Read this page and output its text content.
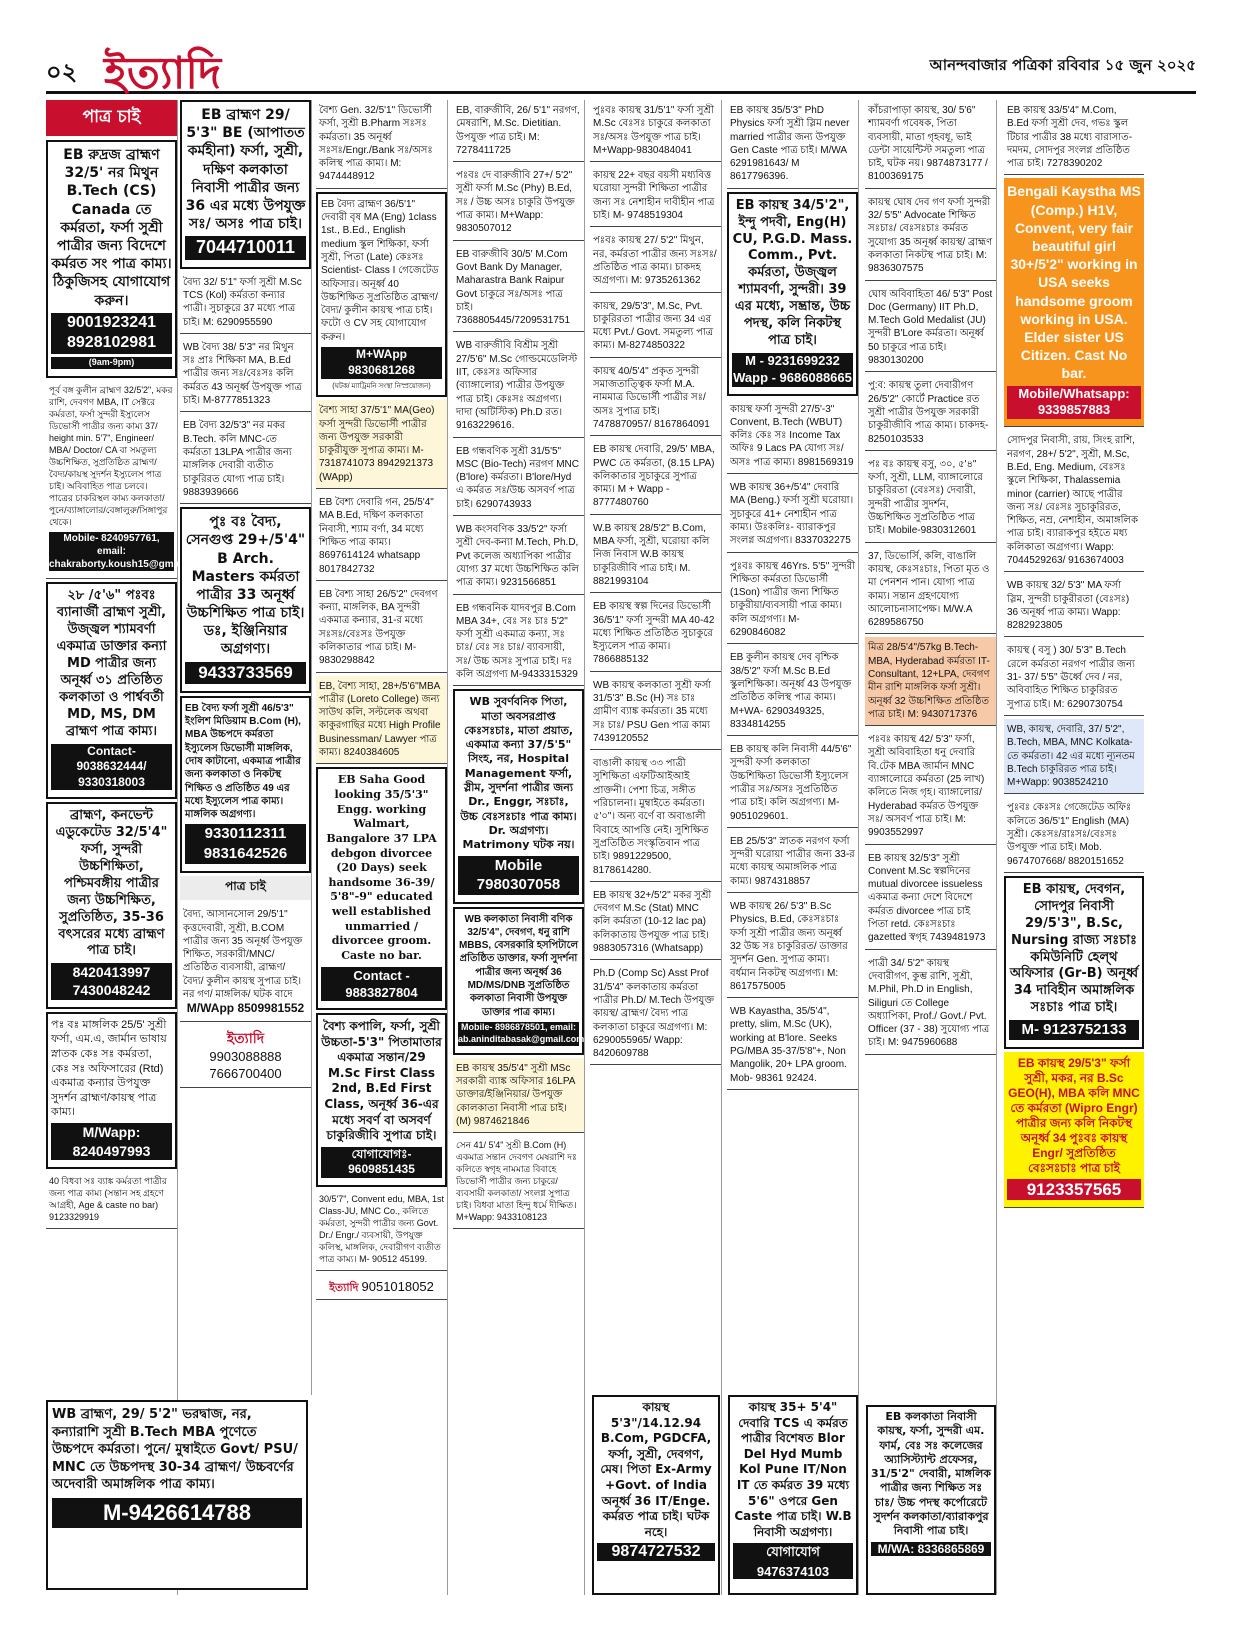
০২ ইত্যাদি	আনন্দবাজার পত্রিকা রবিবার ১৫ জুন ২০২৫
পাত্র চাই
EB রুদ্রজ ব্রাহ্মণ 32/5' নর মিথুন B.Tech (CS) Canada তে কর্মরতা, ফর্সা সুশ্রী পাত্রীর জন্য বিদেশে কর্মরত সং পাত্র কাম্য। ঠিকুজিসহ যোগাযোগ করুন।
9001923241 8928102981
(9am-9pm)
পূর্ব বঙ্গ কুলীন ব্রাহ্মণ 32/5'2", মকর রাশি, দেবগণ MBA, IT সেক্টরে কর্মরতা, ফর্সা সুন্দরী ইস্যুলেস ডিভোর্সী পাত্রীর জন্য কাম্য 37/ height min. 5'7", Engineer/ MBA/ Doctor/ CA বা সমতুল্য উচ্চশিক্ষিত, সুপ্রতিষ্ঠিত ব্রাহ্মণ/বৈদ্য/কায়স্থ সুদর্শন ইস্যুলেস পাত্র চাই। অবিবাহিত পাত্র চলবে। পাত্রের চাকরিস্থল কাম্য কলকাতা/পুনে/ব্যাঙ্গালোর/বেঙ্গালুরু/সিঙ্গাপুর থেকে।
Mobile- 8240957761, email: chakraborty.koush15@gmail.com
২৮ /৫'৬" পঃবঃ ব্যানার্জী ব্রাহ্মণ সুশ্রী, উজ্জ্বল শ্যামবর্ণা একমাত্র ডাক্তার কন্যা MD পাত্রীর জন্য অনূর্ধ্ব ৩১ প্রতিষ্ঠিত কলকাতা ও পার্শ্ববর্তী MD, MS, DM ব্রাহ্মণ পাত্র কাম্য।
Contact- 9038632444/ 9330318003
ব্রাহ্মণ, কনভেন্ট এডুকেটেড 32/5'4" ফর্সা, সুন্দরী উচ্চশিক্ষিতা, পশ্চিমবঙ্গীয় পাত্রীর জন্য উচ্চশিক্ষিত, সুপ্রতিষ্ঠিত, 35-36 বৎসরের মধ্যে ব্রাহ্মণ পাত্র চাই।
8420413997 7430048242
পঃ বঃ মাঙ্গলিক 25/5' সুশ্রী ফর্সা, এম.এ, জার্মান ভাষায় স্নাতক কেঃ সঃ কর্মরতা, কেঃ সঃ অফিসারের (Rtd) একমাত্র কন্যার উপযুক্ত সুদর্শন ব্রাহ্মণ/কায়স্থ পাত্র কাম্য।
M/Wapp: 8240497993
40 বিধবা সঃ ব্যাঙ্ক কর্মরতা পাত্রীর জন্য পাত্র কাম্য (সন্তান সহ গ্রহণে আগ্রহী, Age & caste no bar) 9123329919
WB ব্রাহ্মণ, 29/ 5'2" ভরদ্বাজ, নর, কন্যারাশি সুশ্রী B.Tech MBA পুণেতে উচ্চপদে কর্মরতা। পুনে/ মুম্বাইতে Govt/ PSU/ MNC তে উচ্চপদস্থ 30-34 ব্রাহ্মণ/ উচ্চবর্ণের অদেবারী অমাঙ্গলিক পাত্র কাম্য।
M-9426614788
EB ব্রাহ্মণ 29/ 5'3" BE (আপাতত কর্মহীনা) ফর্সা, সুশ্রী, দক্ষিণ কলকাতা নিবাসী পাত্রীর জন্য 36 এর মধ্যে উপযুক্ত সঃ/ অসঃ পাত্র চাই।
7044710011
বৈদ্য 32/ 5'1" ফর্সা সুশ্রী M.Sc TCS (Kol) কর্মরতা কন্যার পাত্রী। সুচাকুরে 37 মধ্যে পাত্র চাই। M: 6290955590
WB বৈদ্য 38/ 5'3" নর মিথুন সঃ প্রাঃ শিক্ষিকা MA, B.Ed পাত্রীর জন্য সঃ/বেঃসঃ কলি কর্মরত 43 অনূর্ধ্ব উপযুক্ত পাত্র চাই। M-8777851323
EB বৈদ্য 32/5'3" নর মকর B.Tech. কলি MNC-তে কর্মরতা 13LPA পাত্রীর জন্য মাঙ্গলিক দেবারী ব্যতীত চাকুরিরত যোগ্য পাত্র চাই। 9883939666
পুঃ বঃ বৈদ্য, সেনগুপ্ত 29+/5'4" B Arch. Masters কর্মরতা পাত্রীর 33 অনূর্ধ্ব উচ্চশিক্ষিত পাত্র চাই। ডঃ, ইঞ্জিনিয়ার অগ্রগণ্য।
9433733569
EB বৈদ্য ফর্সা সুশ্রী 46/5'3" ইংলিশ মিডিয়াম B.Com (H), MBA উচ্চপদে কর্মরতা ইস্যুলেস ডিভোর্সী মাঙ্গলিক, দোষ কাটানো, একমাত্র পাত্রীর জন্য কলকাতা ও নিকটস্থ শিক্ষিত ও প্রতিষ্ঠিত 49 এর মধ্যে ইস্যুলেস পাত্র কাম্য। মাঙ্গলিক অগ্রগণ্য।
9330112311 9831642526
পাত্র চাই
বৈদ্য, আসানসোল 29/5'1" কৃত্তদেবারী, সুশ্রী, B.COM পাত্রীর জন্য 35 অনূর্ধ্ব উপযুক্ত শিক্ষিত, সরকারী/MNC/ প্রতিষ্ঠিত ব্যবসায়ী, ব্রাহ্মণ/ বৈদ্য/ কুলীন কায়স্থ সুপাত্র চাই। নর গণ/ মাঙ্গলিক/ ঘটক বাদে
M/WApp 8509981552
ইত্যাদি
9903088888
7666700400
বৈশ্য Gen. 32/5'1" ডিভোর্সী ফর্সা, সুশ্রী B.Pharm সঃসঃ কর্মরতা। 35 অনূর্ধ্ব সঃসঃ/Engr./Bank সঃ/অসঃ কলিস্থ পাত্র কাম্য। M: 9474448912
EB বৈদ্য ব্রাহ্মণ 36/5'1" দেবারী বৃষ MA (Eng) 1class 1st., B.Ed., English medium স্কুল শিক্ষিকা, ফর্সা সুশ্রী, পিতা (Late) কেঃসঃ Scientist- Class I গেজেটেড অফিসার। অনূর্ধ্ব 40 উচ্চশিক্ষিত সুপ্রতিষ্ঠিত ব্রাহ্মণ/ বৈদ্য/ কুলীন কায়স্থ পাত্র চাই। ফটো ও CV সহ যোগাযোগ করুন।
M+WApp 9830681268
(ঘটক/ ম্যাট্রিমনি সংস্থা নিস্প্রয়োজন)
বৈশ্য সাহা 37/5'1" MA(Geo) ফর্সা সুন্দরী ডিভোর্সী পাত্রীর জন্য উপযুক্ত সরকারী চাকুরীযুক্ত সুপাত্র কাম্য। M-7318741073 8942921373 (WApp)
EB বৈশ্য দেবারি গন, 25/5'4" MA B.Ed, দক্ষিণ কলকাতা নিবাসী, শ্যাম বর্ণা, 34 মধ্যে শিক্ষিত পাত্র কাম্য। 8697614124 whatsapp 8017842732
EB বৈশ্য সাহা 26/5'2" দেবগণ কন্যা, মাঙ্গলিক, BA সুন্দরী একমাত্র কন্যার, 31-র মধ্যে সঃসঃ/বেঃসঃ উপযুক্ত কলিকাতার পাত্র চাই। M- 9830298842
EB, বৈশ্য সাহা, 28+/5'6"MBA পাত্রীর (Loreto College) জন্য সাউথ কলি, সল্টলেক অথবা কাকুরগাছির মধ্যে High Profile Businessman/ Lawyer পাত্র কাম্য। 8240384605
EB Saha Good looking 35/5'3" Engg. working Walmart, Bangalore 37 LPA debgon divorcee (20 Days) seek handsome 36-39/ 5'8"-9" educated well established unmarried / divorcee groom. Caste no bar.
Contact - 9883827804
বৈশ্য কপালি, ফর্সা, সুশ্রী উচ্চতা-5'3" পিতামাতার একমাত্র সন্তান/29 M.Sc First Class 2nd, B.Ed First Class, অনূর্ধ্ব 36-এর মধ্যে সবর্ণ বা অসবর্ণ চাকুরিজীবি সুপাত্র চাই।
যোগাযোগঃ- 9609851435
30/5'7", Convent edu, MBA, 1st Class-JU, MNC Co., কলিতে কর্মরতা, সুন্দরী পাত্রীর জন্য Govt. Dr./ Engr./ ব্যবসায়ী, উপযুক্ত কলিস্থ, মাঙ্গলিক, দেবারীগণ ব্যতীত পাত্র কাম্য। M- 90512 45199.
ইত্যাদি 9051018052
EB, বারুজীবি, 26/ 5'1" নরগণ, মেষরাশি, M.Sc. Dietitian. উপযুক্ত পাত্র চাই। M: 7278411725
পঃবঃ দে বারুজীবি 27+/ 5'2" সুশ্রী ফর্সা M.Sc (Phy) B.Ed, সঃ / উচ্চ অসঃ চাকুরি উপযুক্ত পাত্র কাম্য। M+Wapp: 9830507012
EB বারুজীবি 30/5' M.Com Govt Bank Dy Manager, Maharastra Bank Raipur Govt চাকুরে সঃ/অসঃ পাত্র চাই। 7368805445/7209531751
WB বারুজীবি বিশ্রীম সুশ্রী 27/5'6" M.Sc গোল্ডমেডেলিস্ট IIT, কেঃসঃ অফিসার (ব্যাঙ্গালোর) পাত্রীর উপযুক্ত পাত্র চাই। কেঃসঃ অগ্রগণ্য। দাদা (অটিস্টিক) Ph.D রত। 9163229616.
EB গন্ধবণিক সুশ্রী 31/5'5" MSC (Bio-Tech) নরগণ MNC (B'lore) কর্মরতা। B'lore/Hyd এ কর্মরত সঃ/উচ্চ অসবর্ণ পাত্র চাই। 6290743933
WB কংসবণিক 33/5'2" ফর্সা সুশ্রী দেব-কন্যা M.Tech, Ph.D, Pvt কলেজ অধ্যাপিকা পাত্রীর যোগ্য 37 মধ্যে উচ্চশিক্ষিত কলি পাত্র কাম্য। 9231566851
EB গন্ধবনিক যাদবপুর B.Com MBA 34+, বেঃ সঃ চাঃ 5'2" ফর্সা সুশ্রী একমাত্র কন্যা, সঃ চাঃ/ বেঃ সঃ চাঃ/ ব্যাবসায়ী, সঃ/ উচ্চ অসঃ সুপাত্র চাই। দঃ কলি অগ্রগণ্য M-9433315329
WB সুবর্ণবনিক পিতা, মাতা অবসরপ্রাপ্ত কেঃসঃচাঃ, মাতা প্রয়াত, একমাত্র কন্যা 37/5'5" সিংহ, নর, Hospital Management ফর্সা, স্লীম, সুদর্শনা পাত্রীর জন্য Dr., Enggr, সঃচাঃ, উচ্চ বেঃসঃচাঃ পাত্র কাম্য। Dr. অগ্রগণ্য। Matrimony ঘটক নয়।
Mobile 7980307058
WB কলকাতা নিবাসী বণিক 32/5'4", দেবগণ, ধনু রাশি MBBS, বেসরকারি হসপিটালে প্রতিষ্ঠিত ডাক্তার, ফর্সা সুদর্শনা পাত্রীর জন্য অনূর্ধ্ব 36 MD/MS/DNB সুপ্রতিষ্ঠিত কলকাতা নিবাসী উপযুক্ত ডাক্তার পাত্র কাম্য।
Mobile- 8986878501, email: ab.aninditabasak@gmail.com
EB কায়স্থ 35/5'4" সুশ্রী MSc সরকারী ব্যাঙ্ক অফিসার 16LPA ডাক্তার/ইঞ্জিনিয়ার/ উপযুক্ত কোলকাতা নিবাসী পাত্র চাই। (M) 9874621846
সেন 41/ 5'4" সুশ্রী B.Com (H) একমাত্র সন্তান দেবগণ মেষরাশি দঃ কলিতে স্বগৃহ নামমাত্র বিবাহে ডিভোর্সী পাত্রীর জন্য চাকুরে/ ব্যবসায়ী কলকাতা/ সংলগ্ন সুপাত্র চাই। বিধবা মাতা হিন্দু ধর্মে দীক্ষিত। M+Wapp: 9433108123
পুঃবঃ কায়স্থ 31/5'1" ফর্সা সুশ্রী M.Sc বেঃসঃ চাকুরে কলকাতা সঃ/অসঃ উপযুক্ত পাত্র চাই। M+Wapp-9830484041
কায়স্থ 22+ বছর বয়সী মধ্যবিত্ত ঘরোয়া সুন্দরী শিক্ষিতা পাত্রীর জন্য সঃ নেশাহীন দাবীহীন পাত্র চাই। M- 9748519304
পঃবঃ কায়স্থ 27/ 5'2" মিথুন, নর, কর্মরতা পাত্রীর জন্য সঃসঃ/ প্রতিষ্ঠিত পাত্র কাম্য। চাকদহ অগ্রগণ্য। M: 9735261362
কায়স্থ, 29/5'3", M.Sc, Pvt. চাকুরিরতা পাত্রীর জন্য 34 এর মধ্যে Pvt./ Govt. সমতুল্য পাত্র কাম্য। M-8274850322
কায়স্থ 40/5'4" প্রকৃত সুন্দরী সমাজতাত্ত্বিক ফর্সা M.A. নামমাত্র ডিভোর্সী পাত্রীর সঃ/অসঃ সুপাত্র চাই। 7478870957/ 8167864091
EB কায়স্থ দেবারি, 29/5' MBA, PWC তে কর্মরতা, (8.15 LPA) কলিকাতার সুচাকুরে সুপাত্র কাম্য। M + Wapp - 8777480760
W.B কায়স্থ 28/5'2" B.Com, MBA ফর্সা, সুশ্রী, ঘরোয়া কলি নিজ নিবাস W.B কায়স্থ চাকুরিজীবি পাত্র চাই। M. 8821993104
EB কায়স্থ স্বল্প দিনের ডিভোর্সী 36/5'1" ফর্সা সুন্দরী MA 40-42 মধ্যে শিক্ষিত প্রতিষ্ঠিত সুচাকুরে ইস্যুলেস পাত্র কাম্য। 7866885132
WB কায়স্থ কলকাতা সুশ্রী ফর্সা 31/5'3" B.Sc (H) সঃ চাঃ গ্রামীণ ব্যাঙ্ক কর্মরতা। 35 মধ্যে সঃ চাঃ/ PSU Gen পাত্র কাম্য 7439120552
বাঙালী কায়স্থ ৩৩ পাত্রী সুশিক্ষিতা এফটিআইআই প্রাক্তনী। পেশা চিত্র, সঙ্গীত পরিচালনা। মুম্বাইতে কর্মরতা। ৫'০"। অন্য বর্ণে বা অবাঙালী বিবাহে আপত্তি নেই। সুশিক্ষিত সুপ্রতিষ্ঠিত সংস্কৃতিবান পাত্র চাই। 9891229500, 8178614280.
EB কায়স্থ 32+/5'2" মকর সুশ্রী দেবগণ M.Sc (Stat) MNC কলি কর্মরতা (10-12 lac pa) কলিকাতায় উপযুক্ত পাত্র চাই। 9883057316 (Whatsapp)
Ph.D (Comp Sc) Asst Prof 31/5'4" কলকাতায় কর্মরতা পাত্রীর Ph.D/ M.Tech উপযুক্ত কায়স্থ/ ব্রাহ্মণ/ বৈদ্য পাত্র কলকাতা চাকুরে অগ্রগণ্য। M: 6290055965/ Wapp: 8420609788
EB কায়স্থ 35/5'3" PhD Physics ফর্সা সুশ্রী স্লিম never married পাত্রীর জন্য উপযুক্ত Gen Caste পাত্র চাই। M/WA 6291981643/ M 8617796396.
EB কায়স্থ 34/5'2", ইন্দু পদবী, Eng(H) CU, P.G.D. Mass. Comm., Pvt. কর্মরতা, উজ্জ্বল শ্যামবর্ণা, সুন্দরী। 39 এর মধ্যে, সম্ভ্রান্ত, উচ্চ পদস্থ, কলি নিকটস্থ পাত্র চাই।
M - 9231699232 Wapp - 9686088665
কায়স্থ ফর্সা সুন্দরী 27/5'-3" Convent, B.Tech (WBUT) কলিঃ কেঃ সঃ Income Tax অফিঃ 9 Lacs PA যোগ্য সঃ/ অসঃ পাত্র কাম্য। 8981569319
WB কায়স্থ 36+/5'4" দেবারি MA (Beng.) ফর্সা সুশ্রী ঘরোয়া। সুচাকুরে 41+ নেশাহীন পাত্র কাম্য। উঃকলিঃ- ব্যারাকপুর সংলগ্ন অগ্রগণ্য। 8337032275
পুঃবঃ কায়স্থ 46Yrs. 5'5" সুন্দরী শিক্ষিতা কর্মরতা ডিভোর্সী (1Son) পাত্রীর জন্য শিক্ষিত চাকুরীয়া/ব্যবসায়ী পাত্র কাম্য। কলি অগ্রগণ্য। M- 6290846082
EB কুলীন কায়স্থ দেব বৃশ্চিক 38/5'2" ফর্সা M.Sc B.Ed স্কুলশিক্ষিকা। অনূর্ধ্ব 43 উপযুক্ত প্রতিষ্ঠিত কলিস্থ পাত্র কাম্য। M+WA- 6290349325, 8334814255
EB কায়স্থ কলি নিবাসী 44/5'6" সুন্দরী ফর্সা কলকাতা উচ্চশিক্ষিতা ডিভোর্সী ইস্যুলেস পাত্রীর সঃ/অসঃ সুপ্রতিষ্ঠিত পাত্র চাই। কলি অগ্রগণ্য। M-9051029601.
EB 25/5'3" স্নাতক নরগণ ফর্সা সুন্দরী ঘরোয়া পাত্রীর জন্য 33-র মধ্যে কায়স্থ অমাঙ্গলিক পাত্র কাম্য। 9874318857
WB কায়স্থ 26/ 5'3" B.Sc Physics, B.Ed, কেঃসঃচাঃ ফর্সা সুশ্রী পাত্রীর জন্য অনূর্ধ্ব 32 উচ্চ সঃ চাকুরিরত/ ডাক্তার সুদর্শন Gen. সুপাত্র কাম্য। বর্ধমান নিকটস্থ অগ্রগণ্য। M: 8617575005
WB Kayastha, 35/5'4", pretty, slim, M.Sc (UK), working at B'lore. Seeks PG/MBA 35-37/5'8"+, Non Mangolik, 20+ LPA groom. Mob- 98361 92424.
কায়স্থ 5'3"/14.12.94 B.Com, PGDCFA, ফর্সা, সুশ্রী, দেবগণ, মেষ। পিতা Ex-Army +Govt. of India অনূর্ধ্ব 36 IT/Enge. কর্মরত পাত্র চাই। ঘটক নহে।
9874727532
কায়স্থ 35+ 5'4" দেবারি TCS এ কর্মরত পাত্রীর বিশেষত Blor Del Hyd Mumb Kol Pune IT/Non IT তে কর্মরত 39 মধ্যে 5'6" ওপরে Gen Caste পাত্র চাই। W.B নিবাসী অগ্রগণ্য।
যোগাযোগ 9476374103
কাঁচরাপাড়া কায়স্থ, 30/ 5'6" শ্যামবর্ণা গবেষক, পিতা ব্যবসায়ী, মাতা গৃহবধূ, ভাই ডেন্টা সায়েন্টিস্ট সমতুল্য পাত্র চাই, ঘটক নয়। 9874873177 / 8100369175
কায়স্থ ঘোষ দেব গণ ফর্সা সুন্দরী 32/ 5'5" Advocate শিক্ষিত সঃচাঃ/ বেঃসঃচাঃ কর্মরত সুযোগ্য 35 অনূর্ধ্ব কায়স্থ/ ব্রাহ্মণ কলকাতা নিকটস্থ পাত্র চাই। M: 9836307575
ঘোষ অবিবাহিতা 46/ 5'3" Post Doc (Germany) IIT Ph.D, M.Tech Gold Medalist (JU) সুন্দরী B'Lore কর্মরতা। অনূর্ধ্ব 50 চাকুরে পাত্র চাই। 9830130200
পু:ব: কায়স্থ তুলা দেবারীগণ 26/5'2" কোর্টে Practice রত সুশ্রী পাত্রীর উপযুক্ত সরকারী চাকুরীজীবি পাত্র কাম্য। চাকদহ- 8250103533
পঃ বঃ কায়স্থ বসু, ৩০, ৫'৪" ফর্সা, সুশ্রী, LLM, ব্যাঙ্গালোরে চাকুরিরতা (বেঃসঃ) দেবারী, সুন্দরী পাত্রীর সুদর্শন, উচ্চশিক্ষিত সুপ্রতিষ্ঠিত পাত্র চাই। Mobile-9830312601
37, ডিভোর্সি, কলি, বাঙালি কায়স্থ, কেঃসঃচাঃ, পিতা মৃত ও মা পেনশন পান। যোগ্য পাত্র কাম্য। সন্তান গ্রহণযোগ্য আলোচনাসাপেক্ষ। M/W.A 6289586750
মিত্র 28/5'4"/57kg B.Tech-MBA, Hyderabad কর্মরতা IT-Consultant, 12+LPA, দেবগণ মীন রাশি মাঙ্গলিক ফর্সা সুশ্রী। অনূর্ধ্ব 32 উচ্চশিক্ষিত প্রতিষ্ঠিত পাত্র চাই। M: 9430717376
পঃবঃ কায়স্থ 42/ 5'3" ফর্সা, সুশ্রী অবিবাহিতা ধনু দেবারি বি.টেক MBA জার্মান MNC ব্যাঙ্গালোরে কর্মরতা (25 লাখ) কলিতে নিজ গৃহ। ব্যাঙ্গালোর/ Hyderabad কর্মরত উপযুক্ত সঃ/ অসবর্ণ পাত্র চাই। M: 9903552997
EB কায়স্থ 32/5'3" সুশ্রী Convent M.Sc স্বল্পদিনের mutual divorcee issueless একমাত্র কন্যা দেশে বিদেশে কর্মরত divorcee পাত্র চাই পিতা retd. কেঃসঃচাঃ gazetted স্বগৃহ 7439481973
পাত্রী 34/ 5'2" কায়স্থ দেবারীগণ, কুম্ভ রাশি, সুশ্রী, M.Phil, Ph.D in English, Siliguri তে College অধ্যাপিকা, Prof./ Govt./ Pvt. Officer (37 - 38) সুযোগ্য পাত্র চাই। M: 9475960688
EB কলকাতা নিবাসী কায়স্থ, ফর্সা, সুন্দরী এম. ফার্ম, বেঃ সঃ কলেজের অ্যাসিস্ট্যান্ট প্রফেসর, 31/5'2" দেবারী, মাঙ্গলিক পাত্রীর জন্য শিক্ষিত সঃ চাঃ/ উচ্চ পদস্থ কর্পোরেটে সুদর্শন কলকাতা/ব্যারাকপুর নিবাসী পাত্র চাই।
M/WA: 8336865869
EB কায়স্থ 33/5'4" M.Com, B.Ed ফর্সা সুশ্রী দেব, গভঃ স্কুল টিচার পাত্রীর 38 মধ্যে বারাসাত-দমদম, সোদপুর সংলগ্ন প্রতিষ্ঠিত পাত্র চাই। 7278390202
Bengali Kaystha MS (Comp.) H1V, Convent, very fair beautiful girl 30+/5'2" working in USA seeks handsome groom working in USA. Elder sister US Citizen. Cast No bar.
Mobile/Whatsapp: 9339857883
সোদপুর নিবাসী, রায়, সিংহ রাশি, নরগণ, 28+/ 5'2", সুশ্রী, M.Sc, B.Ed, Eng. Medium, বেঃসঃ স্কুলে শিক্ষিকা, Thalassemia minor (carrier) আছে পাত্রীর জন্য সঃ/ বেঃসঃ সুচাকুরিরত, শিক্ষিত, নম্র, নেশাহীন, অমাঙ্গলিক পাত্র চাই। ব্যারাকপুর হইতে মধ্য কলিকাতা অগ্রগণ্য। Wapp: 7044529263/ 9163674003
WB কায়স্থ 32/ 5'3" MA ফর্সা স্লিম, সুন্দরী চাকুরীরতা (বেঃসঃ) 36 অনূর্ধ্ব পাত্র কাম্য। Wapp: 8282923805
কায়স্থ ( বসু ) 30/ 5'3" B.Tech রেলে কর্মরতা নরগণ পাত্রীর জন্য 31- 37/ 5'5" ঊর্ধ্বে দেব / নর, অবিবাহিত শিক্ষিত চাকুরিরত সুপাত্র চাই। M: 6290730754
WB, কায়স্থ, দেবারি, 37/ 5'2", B.Tech, MBA, MNC Kolkata-তে কর্মরতা। 42 এর মধ্যে ন্যূনতম B.Tech চাকুরিরত পাত্র চাই। M+Wapp: 9038524210
পুঃবঃ কেঃসঃ গেজেটেড অফিঃ কলিতে 36/5'1" English (MA) সুশ্রী। কেঃসঃ/রাঃসঃ/বেঃসঃ উপযুক্ত পাত্র চাই। Mob. 9674707668/ 8820151652
EB কায়স্থ, দেবগন, সোদপুর নিবাসী 29/5'3", B.Sc, Nursing রাজ্য সঃচাঃ কমিউনিটি হেল্থ অফিসার (Gr-B) অনূর্ধ্ব 34 দাবিহীন অমাঙ্গলিক সঃচাঃ পাত্র চাই।
M- 9123752133
EB কায়স্থ 29/5'3" ফর্সা সুশ্রী, মকর, নর B.Sc GEO(H), MBA কলি MNC তে কর্মরতা (Wipro Engr) পাত্রীর জন্য কলি নিকটস্থ অনূর্ধ্ব 34 পুঃবঃ কায়স্থ Engr/ সুপ্রতিষ্ঠিত বেঃসঃচাঃ পাত্র চাই
9123357565
